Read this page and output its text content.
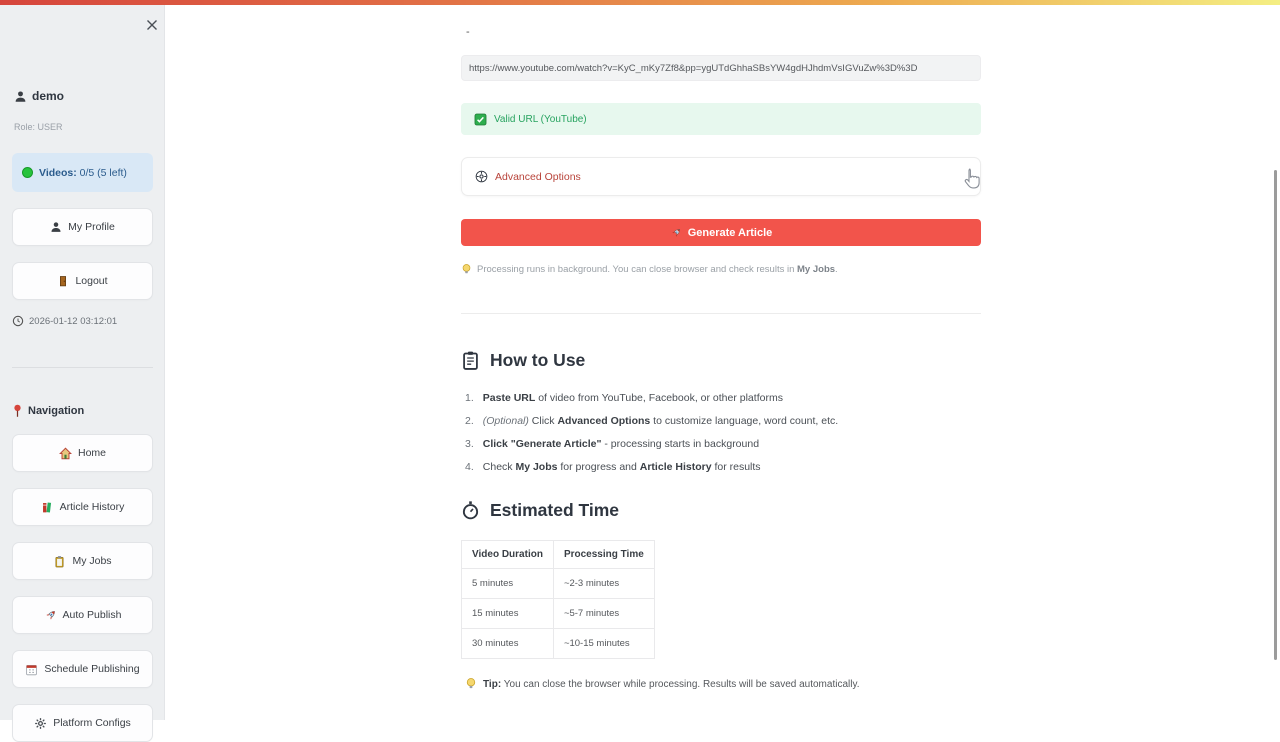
demo
Role: USER
Videos: 0/5 (5 left)
My Profile
Logout
2026-01-12 03:12:01
Navigation
Home
Article History
My Jobs
Auto Publish
Schedule Publishing
Platform Configs
-
https://www.youtube.com/watch?v=KyC_mKy7Zf8&pp=ygUTdGhhaSBsYW4gdHJhdmVsIGVuZw%3D%3D
Valid URL (YouTube)
Advanced Options
Generate Article
Processing runs in background. You can close browser and check results in My Jobs.
How to Use
1. Paste URL of video from YouTube, Facebook, or other platforms
2. (Optional) Click Advanced Options to customize language, word count, etc.
3. Click "Generate Article" - processing starts in background
4. Check My Jobs for progress and Article History for results
Estimated Time
Video Duration	Processing Time
5 minutes	~2-3 minutes
15 minutes	~5-7 minutes
30 minutes	~10-15 minutes
Tip: You can close the browser while processing. Results will be saved automatically.
